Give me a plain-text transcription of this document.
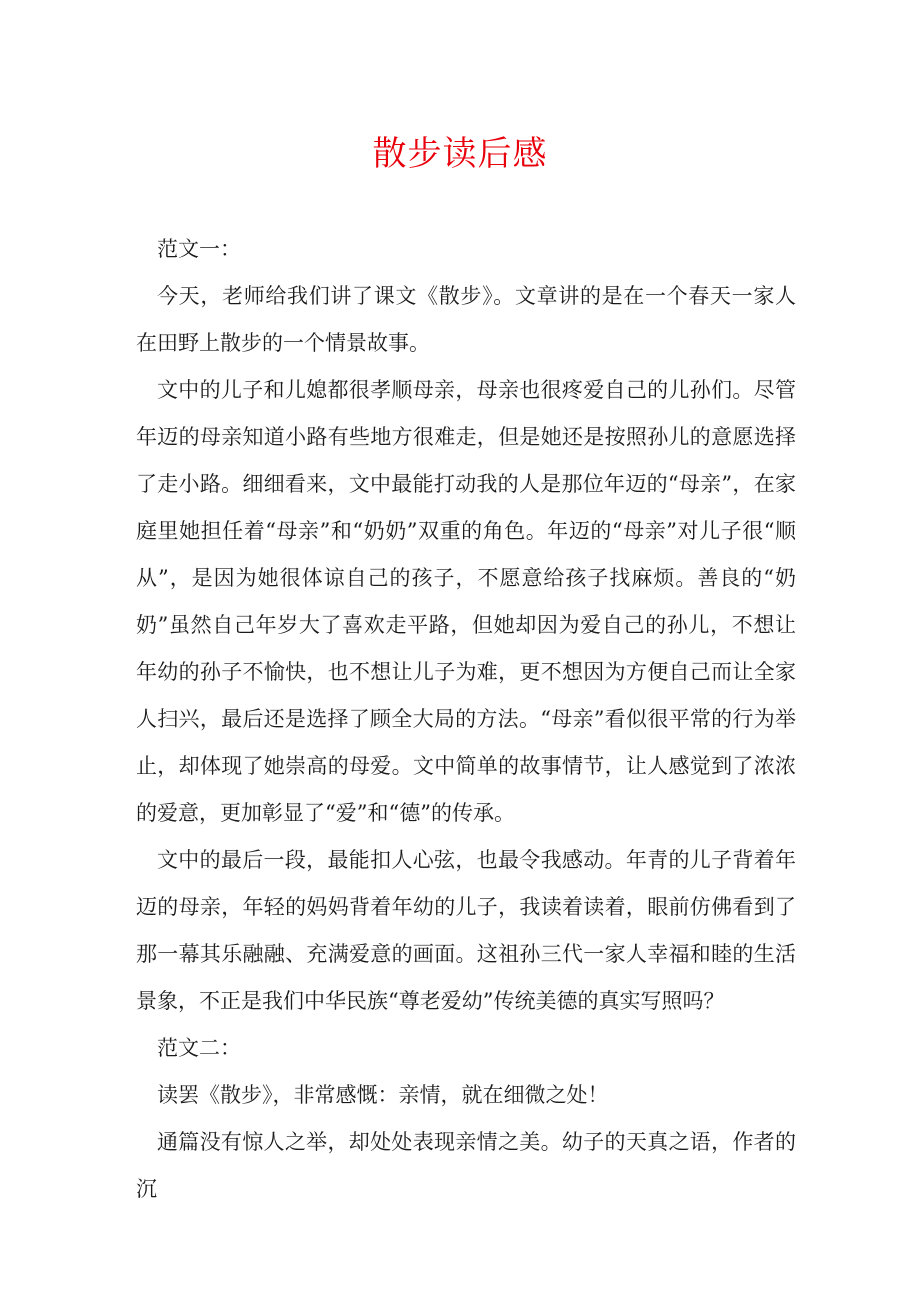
散步读后感

范文一：

今天，老师给我们讲了课文《散步》。文章讲的是在一个春天一家人在田野上散步的一个情景故事。

文中的儿子和儿媳都很孝顺母亲，母亲也很疼爱自己的儿孙们。尽管年迈的母亲知道小路有些地方很难走，但是她还是按照孙儿的意愿选择了走小路。细细看来，文中最能打动我的人是那位年迈的“母亲”，在家庭里她担任着“母亲”和“奶奶”双重的角色。年迈的“母亲”对儿子很“顺从”，是因为她很体谅自己的孩子，不愿意给孩子找麻烦。善良的“奶奶”虽然自己年岁大了喜欢走平路，但她却因为爱自己的孙儿，不想让年幼的孙子不愉快，也不想让儿子为难，更不想因为方便自己而让全家人扫兴，最后还是选择了顾全大局的方法。“母亲”看似很平常的行为举止，却体现了她崇高的母爱。文中简单的故事情节，让人感觉到了浓浓的爱意，更加彰显了“爱”和“德”的传承。

文中的最后一段，最能扣人心弦，也最令我感动。年青的儿子背着年迈的母亲，年轻的妈妈背着年幼的儿子，我读着读着，眼前仿佛看到了那一幕其乐融融、充满爱意的画面。这祖孙三代一家人幸福和睦的生活景象，不正是我们中华民族“尊老爱幼”传统美德的真实写照吗？

范文二：

读罢《散步》，非常感慨：亲情，就在细微之处！

通篇没有惊人之举，却处处表现亲情之美。幼子的天真之语，作者的沉
